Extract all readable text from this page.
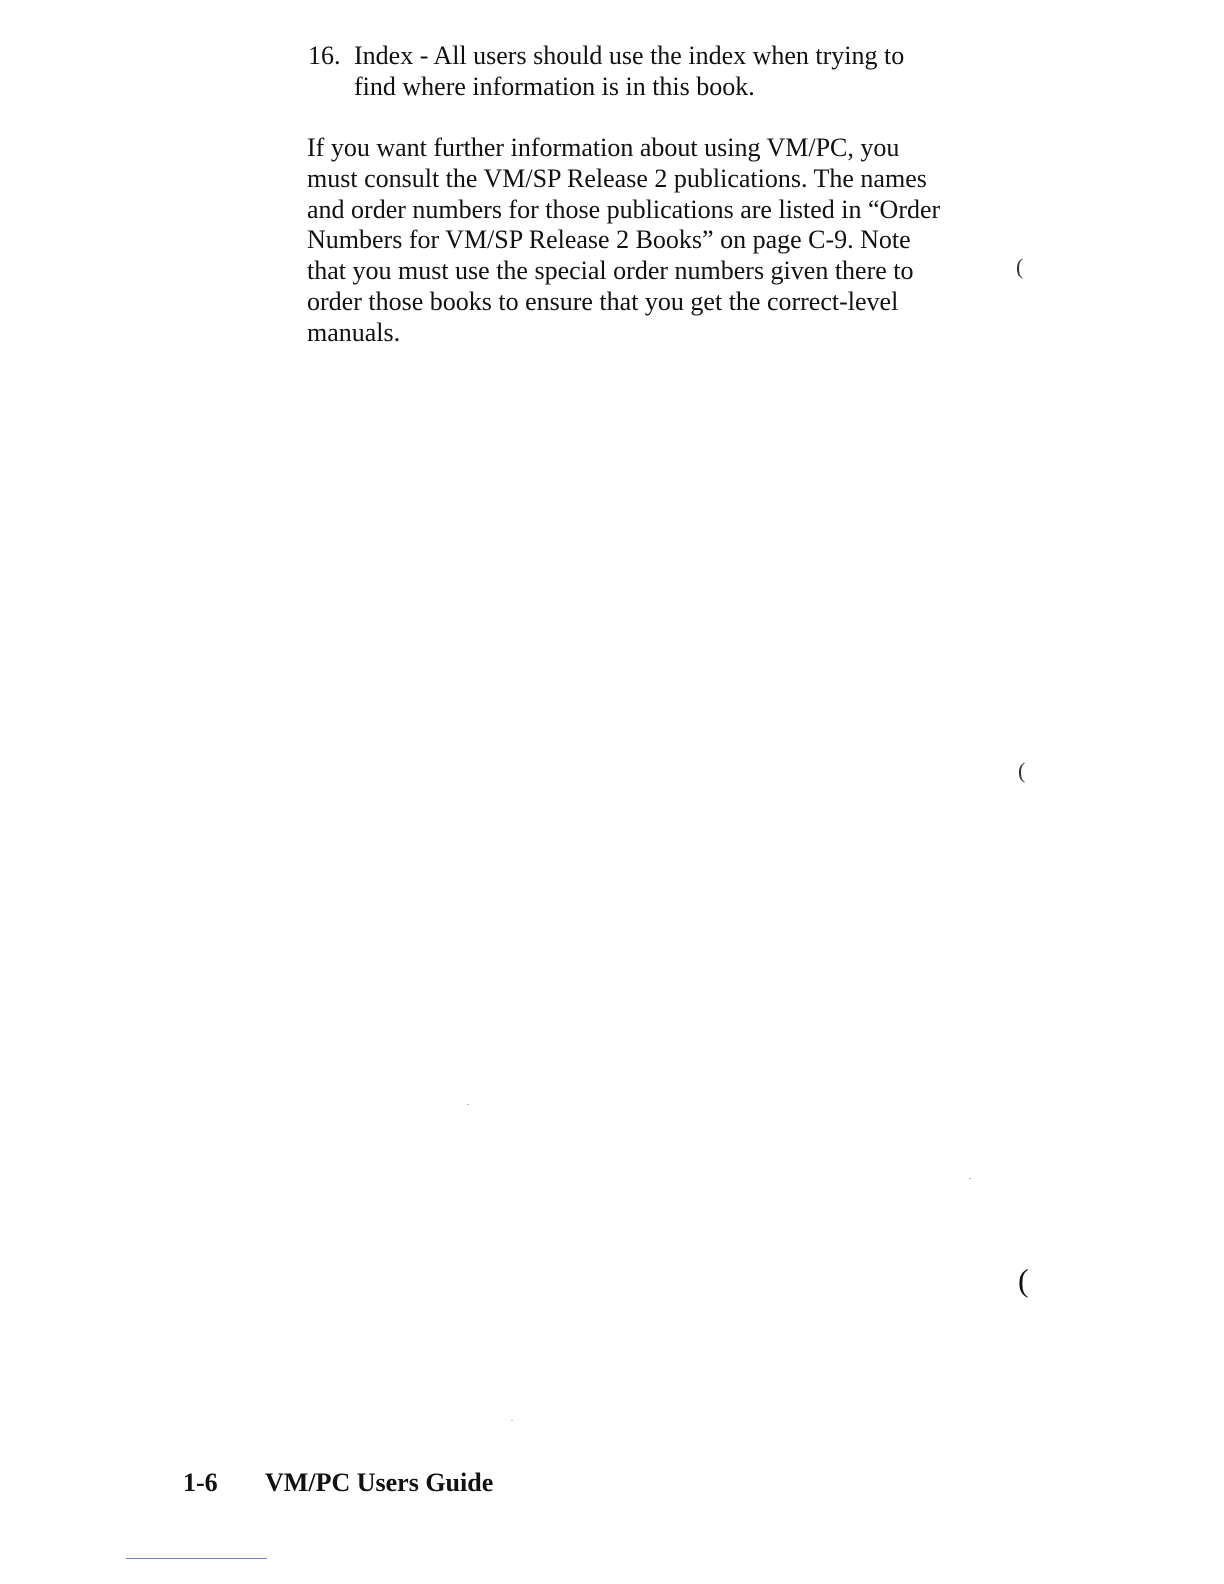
16. Index - All users should use the index when trying to
find where information is in this book.
If you want further information about using VM/PC, you
must consult the VM/SP Release 2 publications. The names
and order numbers for those publications are listed in “Order
Numbers for VM/SP Release 2 Books” on page C-9. Note
that you must use the special order numbers given there to
order those books to ensure that you get the correct-level
manuals.
(
(
(
1-6 VM/PC Users Guide
